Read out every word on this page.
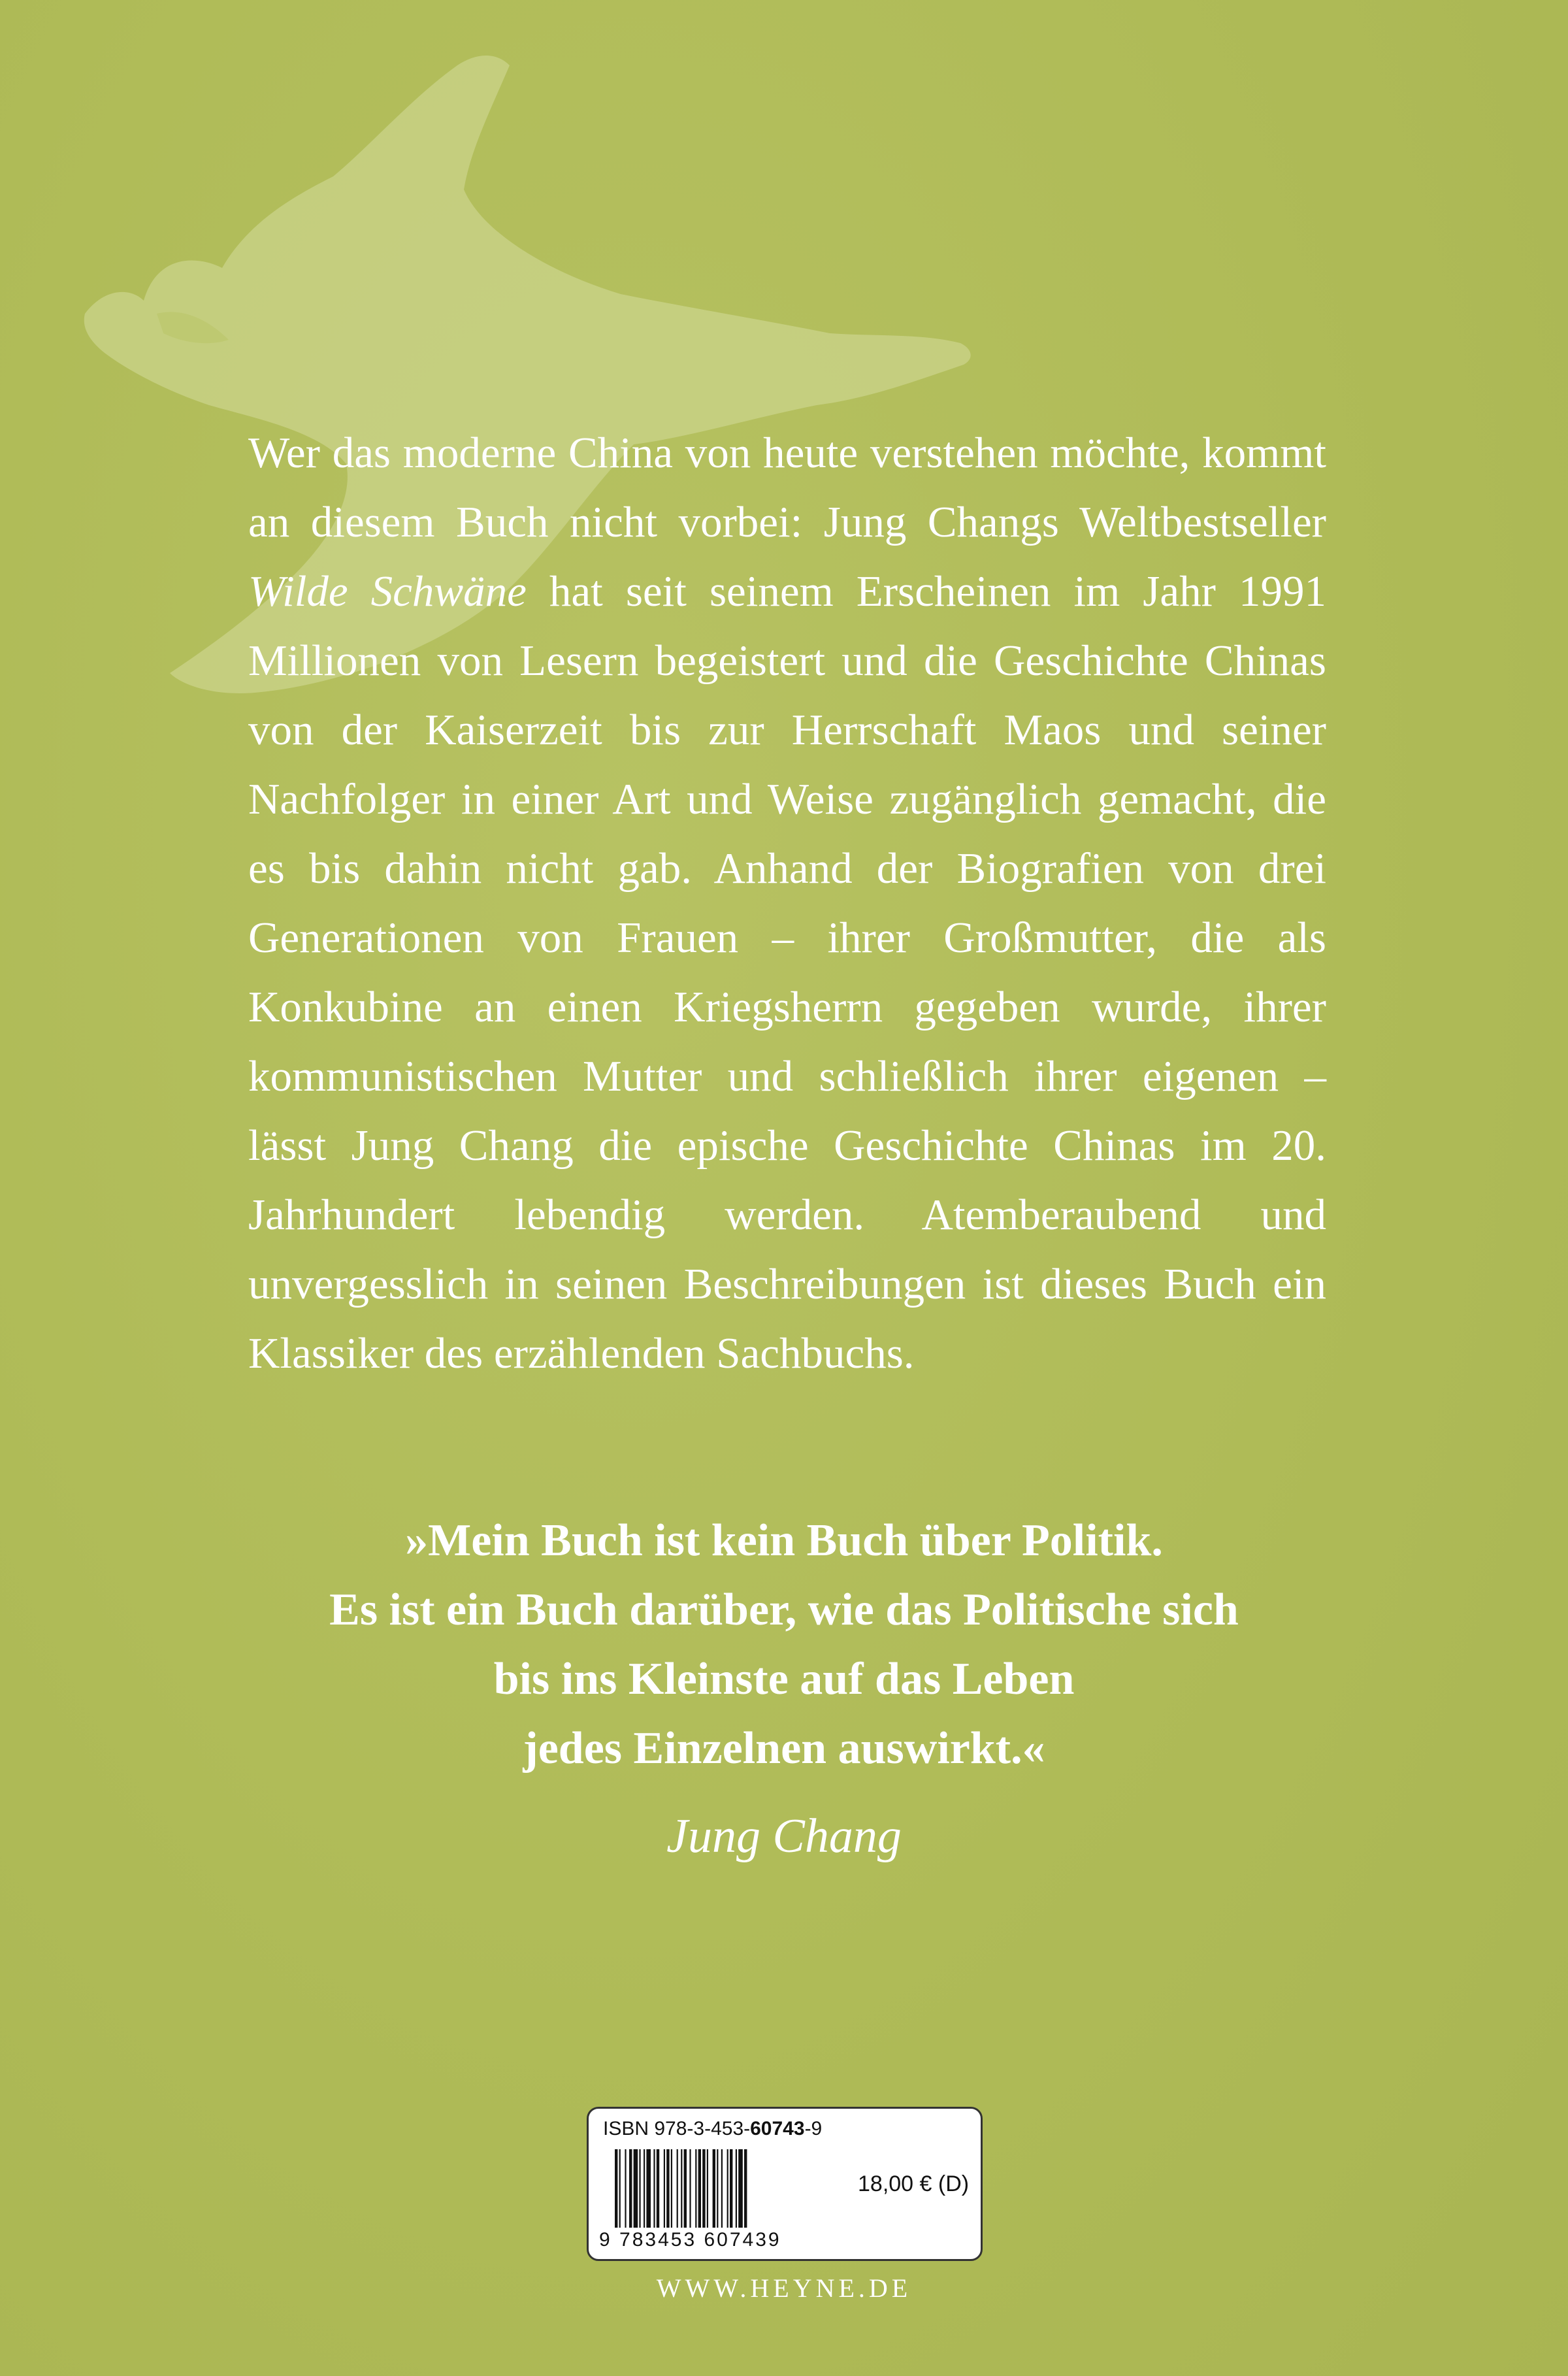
Wer das moderne China von heute verstehen möchte, kommt an diesem Buch nicht vorbei: Jung Changs Weltbestseller Wilde Schwäne hat seit seinem Erscheinen im Jahr 1991 Millionen von Lesern begeistert und die Geschichte Chinas von der Kaiserzeit bis zur Herrschaft Maos und seiner Nachfolger in einer Art und Weise zugänglich gemacht, die es bis dahin nicht gab. Anhand der Biografien von drei Generationen von Frauen – ihrer Großmutter, die als Konkubine an einen Kriegsherrn gegeben wurde, ihrer kommunistischen Mutter und schließlich ihrer eigenen – lässt Jung Chang die epische Geschichte Chinas im 20. Jahrhundert lebendig werden. Atemberaubend und unvergesslich in seinen Beschreibungen ist dieses Buch ein Klassiker des erzählenden Sachbuchs.
»Mein Buch ist kein Buch über Politik.
Es ist ein Buch darüber, wie das Politische sich
bis ins Kleinste auf das Leben
jedes Einzelnen auswirkt.«
Jung Chang
ISBN 978-3-453-60743-9
9 783453 607439
18,00 € (D)
WWW.HEYNE.DE
